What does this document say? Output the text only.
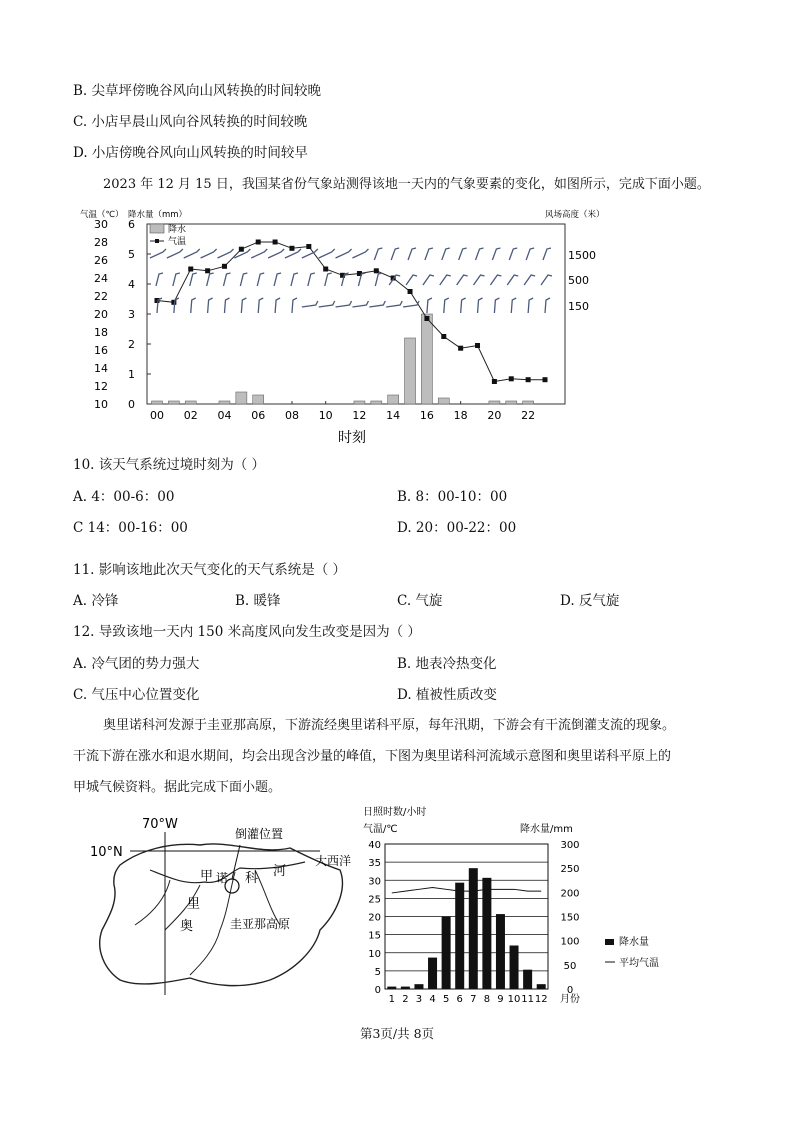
B. 尖草坪傍晚谷风向山风转换的时间较晚
C. 小店早晨山风向谷风转换的时间较晚
D. 小店傍晚谷风向山风转换的时间较早
2023 年 12 月 15 日，我国某省份气象站测得该地一天内的气象要素的变化，如图所示，完成下面小题。
气温（℃） 降水量（mm）	风场高度（米）
10
12
14
16
18
20
22
24
26
28
30
0
1
2
3
4
5
6
00 02 04 06 08 10 12 14 16 18 20 22
1500
500
150
降水
气温
时刻
10. 该天气系统过境时刻为（ ）
A. 4：00-6：00	B. 8：00-10：00
C 14：00-16：00	D. 20：00-22：00
11. 影响该地此次天气变化的天气系统是（ ）
A. 冷锋	B. 暖锋	C. 气旋	D. 反气旋
12. 导致该地一天内 150 米高度风向发生改变是因为（ ）
A. 冷气团的势力强大	B. 地表冷热变化
C. 气压中心位置变化	D. 植被性质改变
奥里诺科河发源于圭亚那高原，下游流经奥里诺科平原，每年汛期，下游会有干流倒灌支流的现象。
干流下游在涨水和退水期间，均会出现含沙量的峰值，下图为奥里诺科河流域示意图和奥里诺科平原上的
甲城气候资料。据此完成下面小题。
70°W
10°N
倒灌位置
大西洋
甲 诺 科 河
里
奥	圭亚那高原
日照时数/小时
气温/℃	降水量/mm
0
5
10
15
20
25
30
35
40
0
50
100
150
200
250
300
1 2 3 4 5 6 7 8 9 10 11 12 月份
降水量
平均气温
第3页/共 8页
